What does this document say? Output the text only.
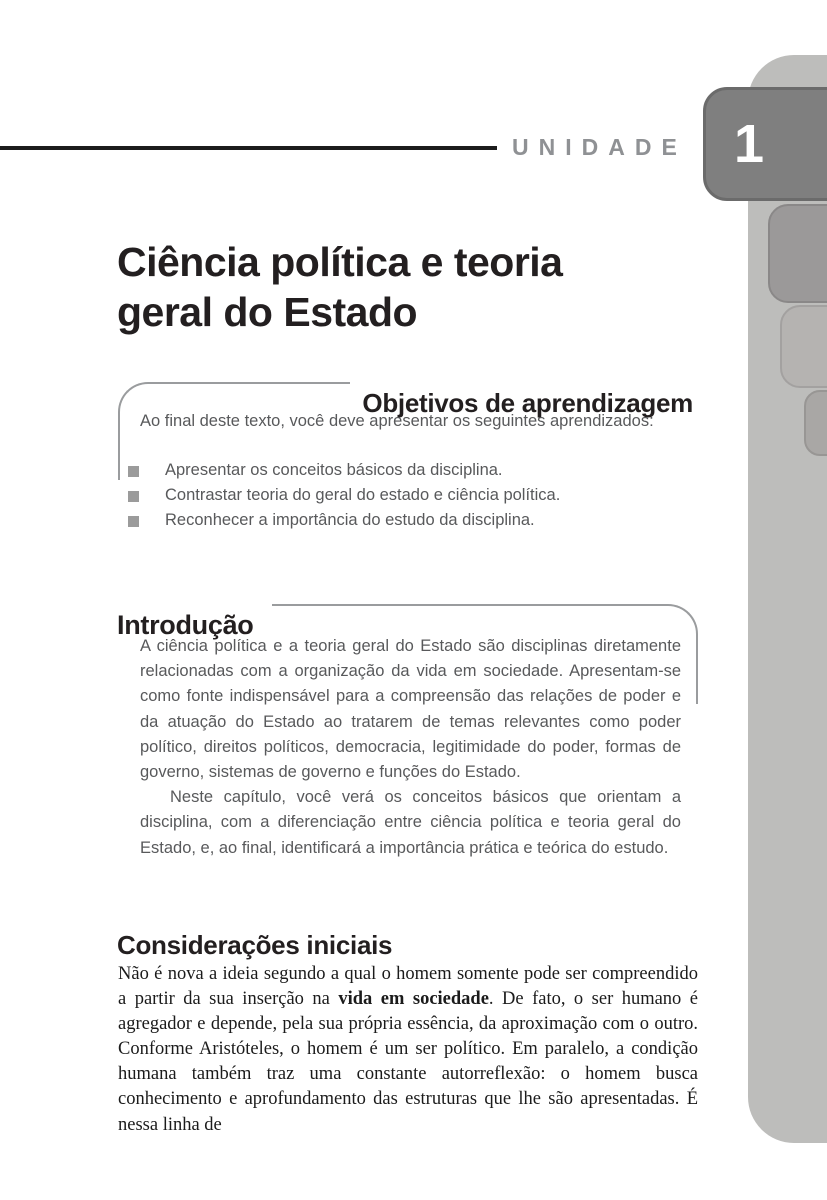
1
UNIDADE
Ciência política e teoria geral do Estado
Objetivos de aprendizagem
Ao final deste texto, você deve apresentar os seguintes aprendizados:
Apresentar os conceitos básicos da disciplina.
Contrastar teoria do geral do estado e ciência política.
Reconhecer a importância do estudo da disciplina.
Introdução

A ciência política e a teoria geral do Estado são disciplinas diretamente relacionadas com a organização da vida em sociedade. Apresentam-se como fonte indispensável para a compreensão das relações de poder e da atuação do Estado ao tratarem de temas relevantes como poder político, direitos políticos, democracia, legitimidade do poder, formas de governo, sistemas de governo e funções do Estado.

Neste capítulo, você verá os conceitos básicos que orientam a disciplina, com a diferenciação entre ciência política e teoria geral do Estado, e, ao final, identificará a importância prática e teórica do estudo.

Considerações iniciais

Não é nova a ideia segundo a qual o homem somente pode ser compreendido a partir da sua inserção na vida em sociedade. De fato, o ser humano é agregador e depende, pela sua própria essência, da aproximação com o outro. Conforme Aristóteles, o homem é um ser político. Em paralelo, a condição humana também traz uma constante autorreflexão: o homem busca conhecimento e aprofundamento das estruturas que lhe são apresentadas. É nessa linha de
